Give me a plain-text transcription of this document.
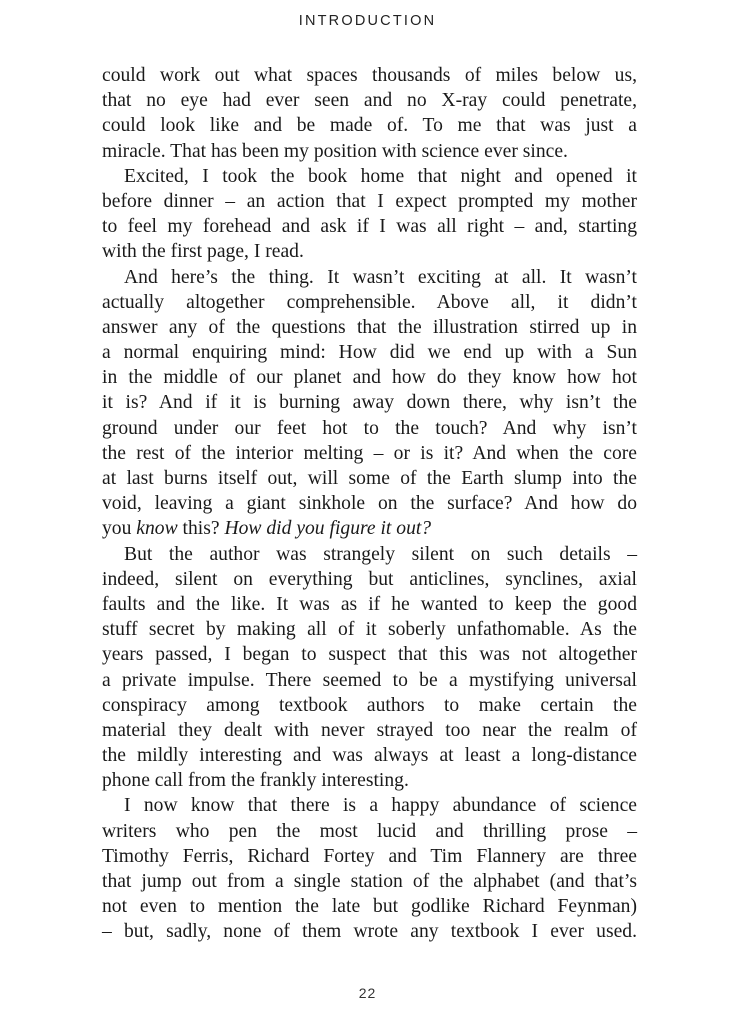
INTRODUCTION

could work out what spaces thousands of miles below us,
that no eye had ever seen and no X-ray could penetrate,
could look like and be made of. To me that was just a
miracle. That has been my position with science ever since.

Excited, I took the book home that night and opened it
before dinner – an action that I expect prompted my mother
to feel my forehead and ask if I was all right – and, starting
with the first page, I read.

And here’s the thing. It wasn’t exciting at all. It wasn’t
actually altogether comprehensible. Above all, it didn’t
answer any of the questions that the illustration stirred up in
a normal enquiring mind: How did we end up with a Sun
in the middle of our planet and how do they know how hot
it is? And if it is burning away down there, why isn’t the
ground under our feet hot to the touch? And why isn’t
the rest of the interior melting – or is it? And when the core
at last burns itself out, will some of the Earth slump into the
void, leaving a giant sinkhole on the surface? And how do
you know this? How did you figure it out?

But the author was strangely silent on such details –
indeed, silent on everything but anticlines, synclines, axial
faults and the like. It was as if he wanted to keep the good
stuff secret by making all of it soberly unfathomable. As the
years passed, I began to suspect that this was not altogether
a private impulse. There seemed to be a mystifying universal
conspiracy among textbook authors to make certain the
material they dealt with never strayed too near the realm of
the mildly interesting and was always at least a long-distance
phone call from the frankly interesting.

I now know that there is a happy abundance of science
writers who pen the most lucid and thrilling prose –
Timothy Ferris, Richard Fortey and Tim Flannery are three
that jump out from a single station of the alphabet (and that’s
not even to mention the late but godlike Richard Feynman)
– but, sadly, none of them wrote any textbook I ever used.

22
